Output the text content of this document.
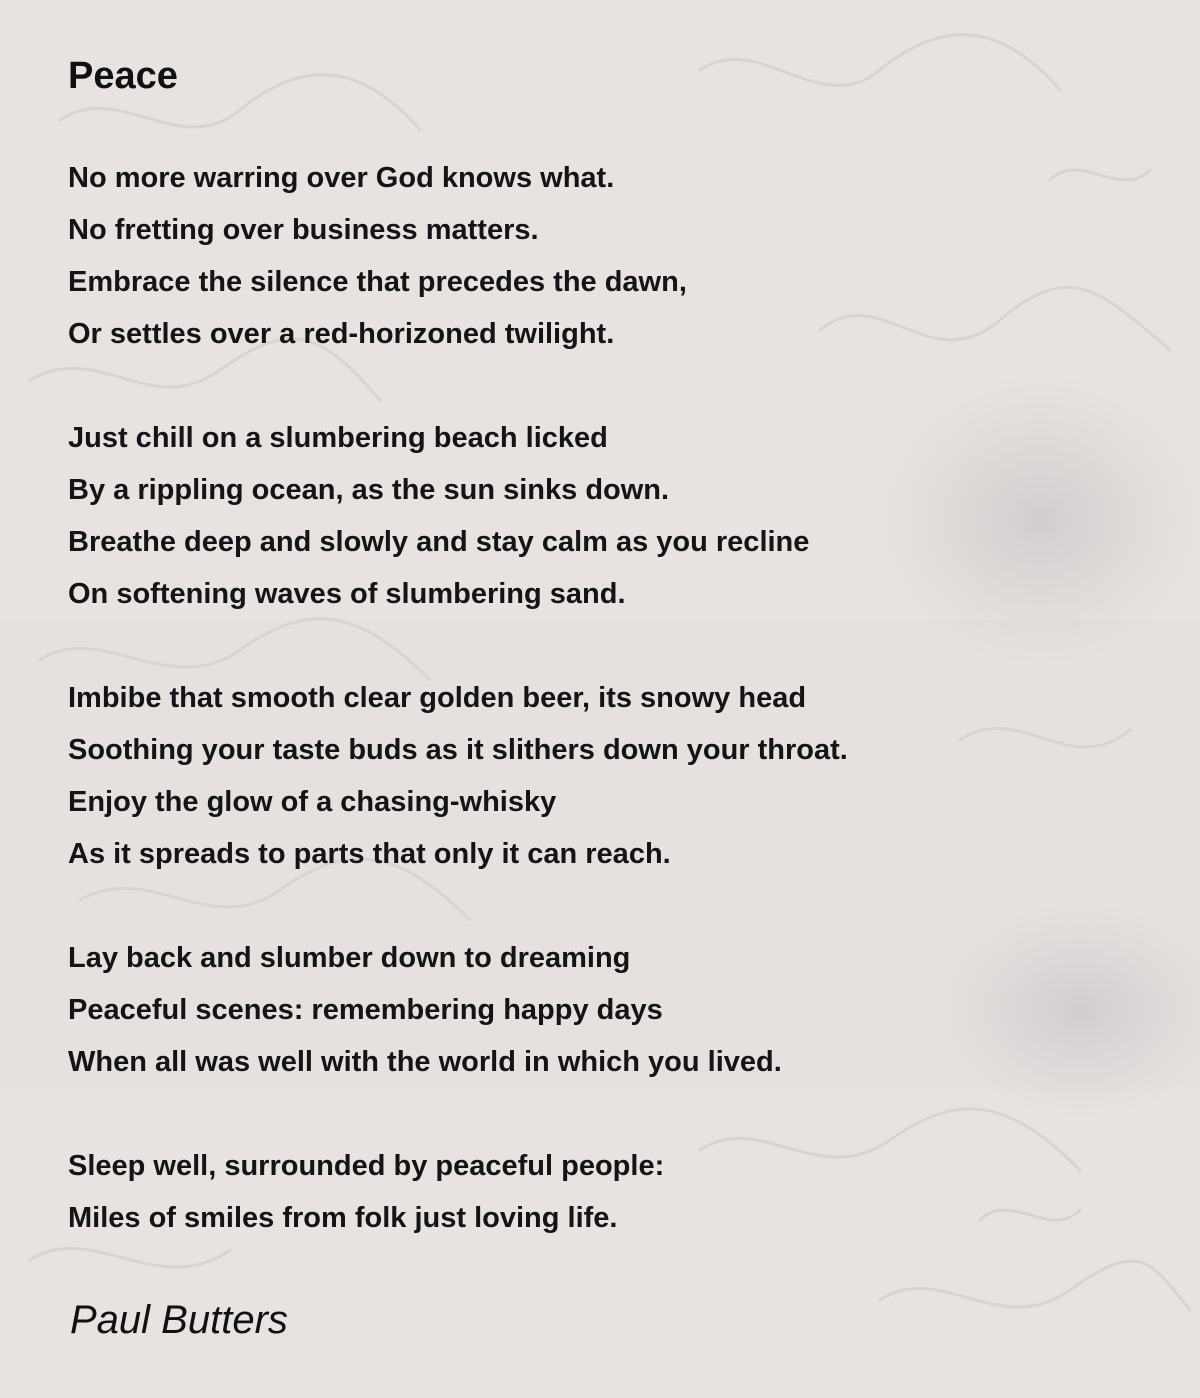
Peace
No more warring over God knows what.
No fretting over business matters.
Embrace the silence that precedes the dawn,
Or settles over a red-horizoned twilight.
Just chill on a slumbering beach licked
By a rippling ocean, as the sun sinks down.
Breathe deep and slowly and stay calm as you recline
On softening waves of slumbering sand.
Imbibe that smooth clear golden beer, its snowy head
Soothing your taste buds as it slithers down your throat.
Enjoy the glow of a chasing-whisky
As it spreads to parts that only it can reach.
Lay back and slumber down to dreaming
Peaceful scenes: remembering happy days
When all was well with the world in which you lived.
Sleep well, surrounded by peaceful people:
Miles of smiles from folk just loving life.
Paul Butters
